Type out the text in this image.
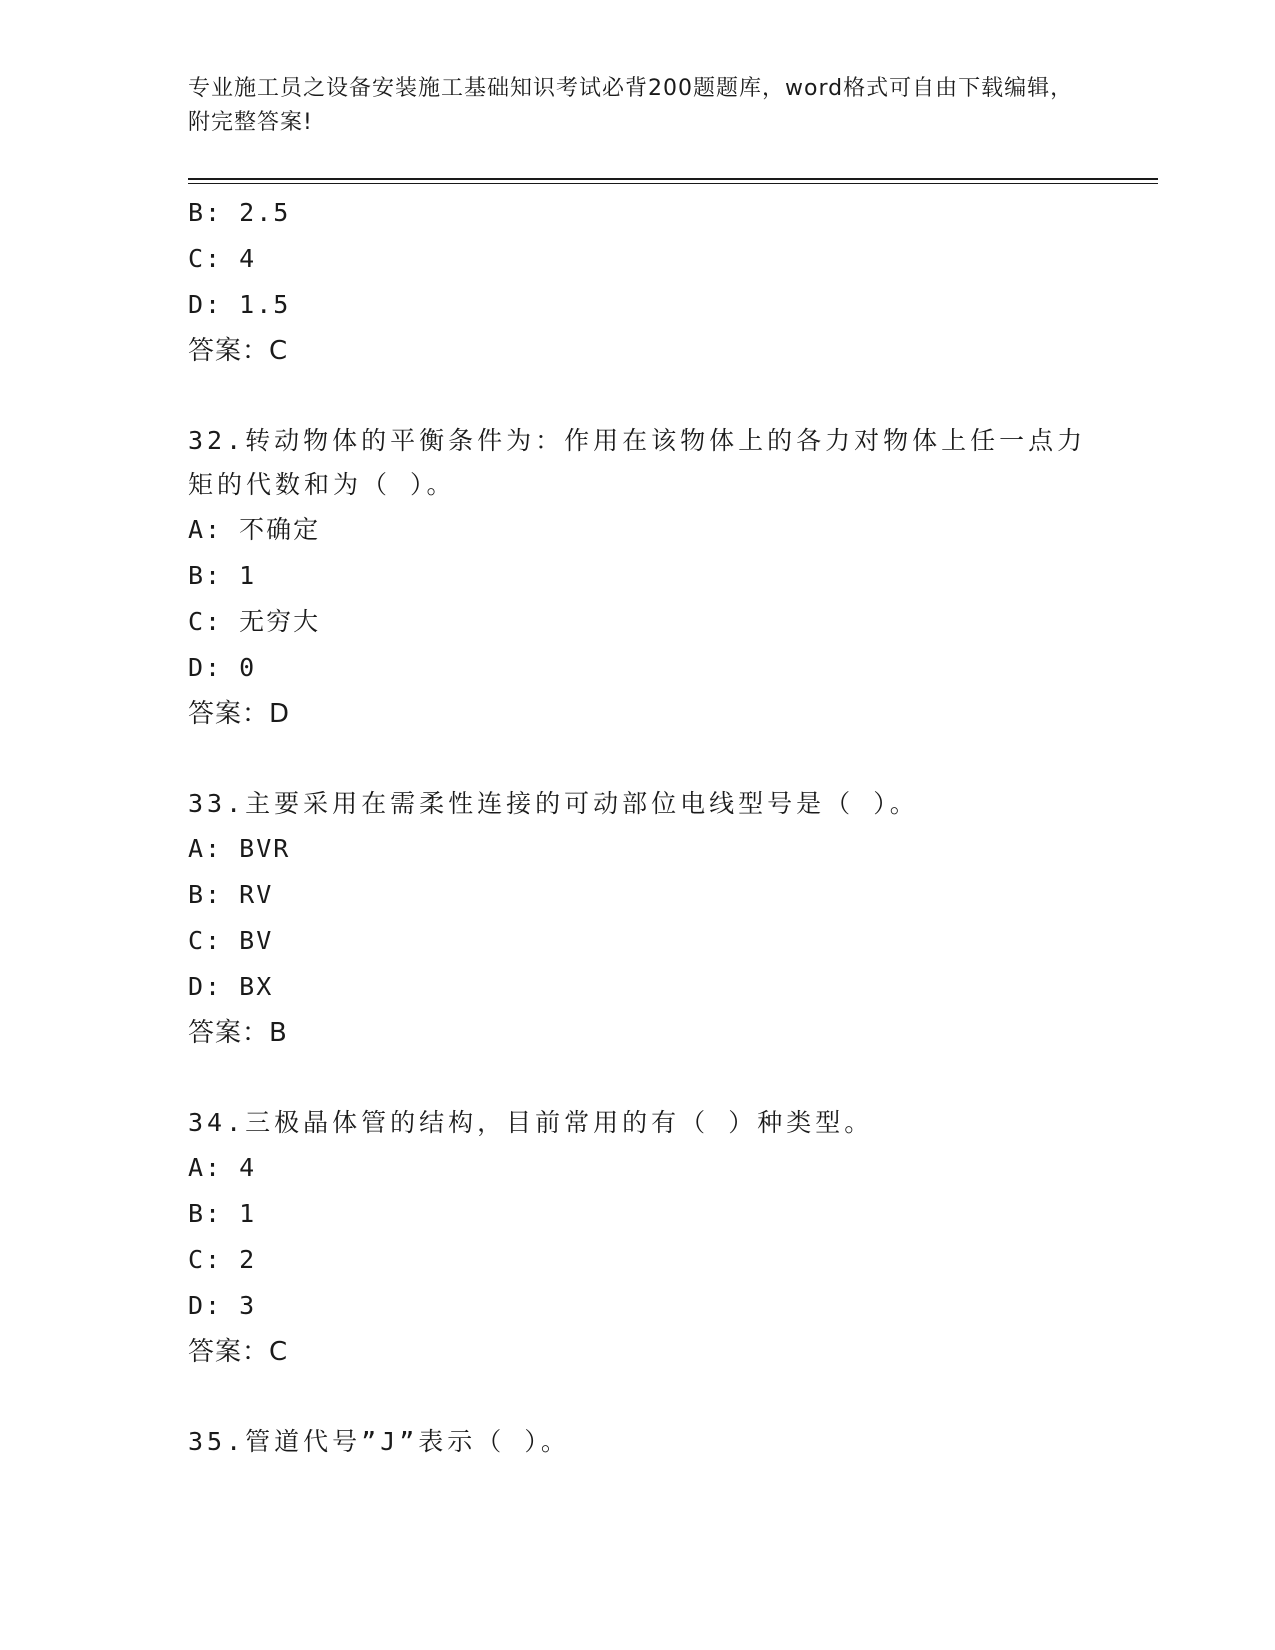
专业施工员之设备安装施工基础知识考试必背200题题库，word格式可自由下载编辑，附完整答案!
B: 2.5
C: 4
D: 1.5
答案：C
32.转动物体的平衡条件为：作用在该物体上的各力对物体上任一点力矩的代数和为（ ）。
A: 不确定
B: 1
C: 无穷大
D: 0
答案：D
33.主要采用在需柔性连接的可动部位电线型号是（ ）。
A: BVR
B: RV
C: BV
D: BX
答案：B
34.三极晶体管的结构，目前常用的有（ ）种类型。
A: 4
B: 1
C: 2
D: 3
答案：C
35.管道代号”J”表示（ ）。
